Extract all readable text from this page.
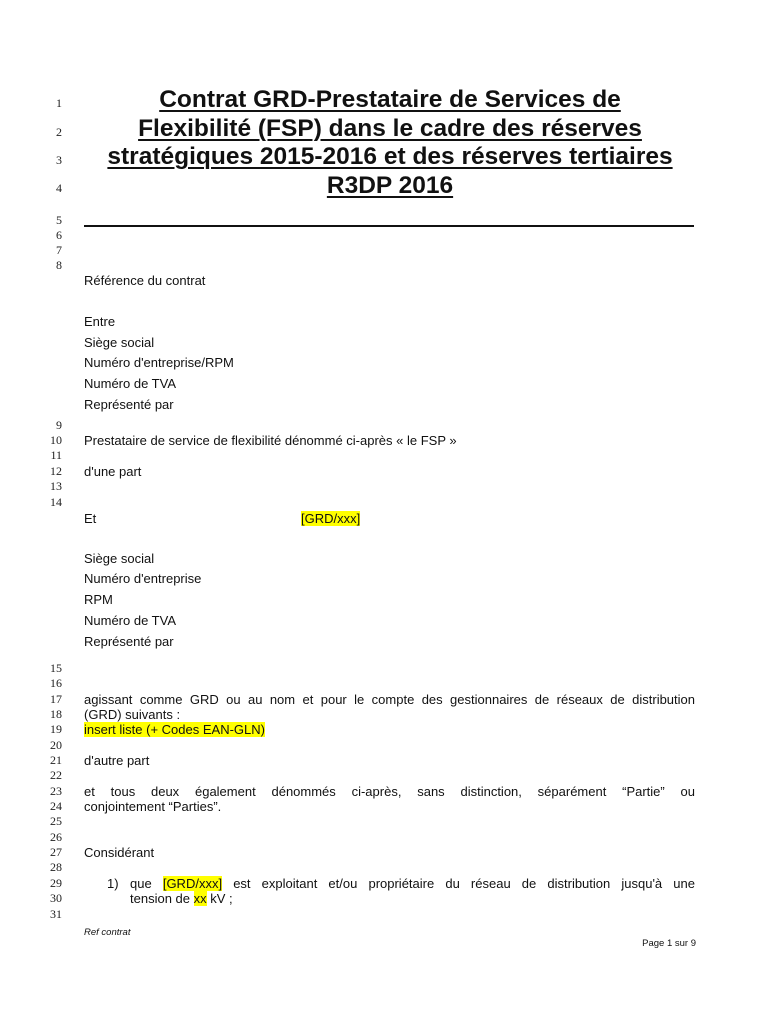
1
2
3
4
5
6
7
8
9
10
11
12
13
14
15
16
17
18
19
20
21
22
23
24
25
26
27
28
29
30
31
Contrat GRD-Prestataire de Services de
Flexibilité (FSP) dans le cadre des réserves
stratégiques 2015-2016 et des réserves tertiaires
R3DP 2016
Référence du contrat
Entre
Siège social
Numéro d'entreprise/RPM
Numéro de TVA
Représenté par
Prestataire de service de flexibilité dénommé ci-après « le FSP »
d'une part
Et	[GRD/xxx]
Siège social
Numéro d'entreprise
RPM
Numéro de TVA
Représenté par
agissant comme GRD ou au nom et pour le compte des gestionnaires de réseaux de distribution
(GRD) suivants :
insert liste (+ Codes EAN-GLN)
d'autre part
et tous deux également dénommés ci-après, sans distinction, séparément “Partie” ou
conjointement “Parties”.
Considérant
1) que [GRD/xxx] est exploitant et/ou propriétaire du réseau de distribution jusqu'à une
tension de xx kV ;
Ref contrat
Page 1 sur 9
